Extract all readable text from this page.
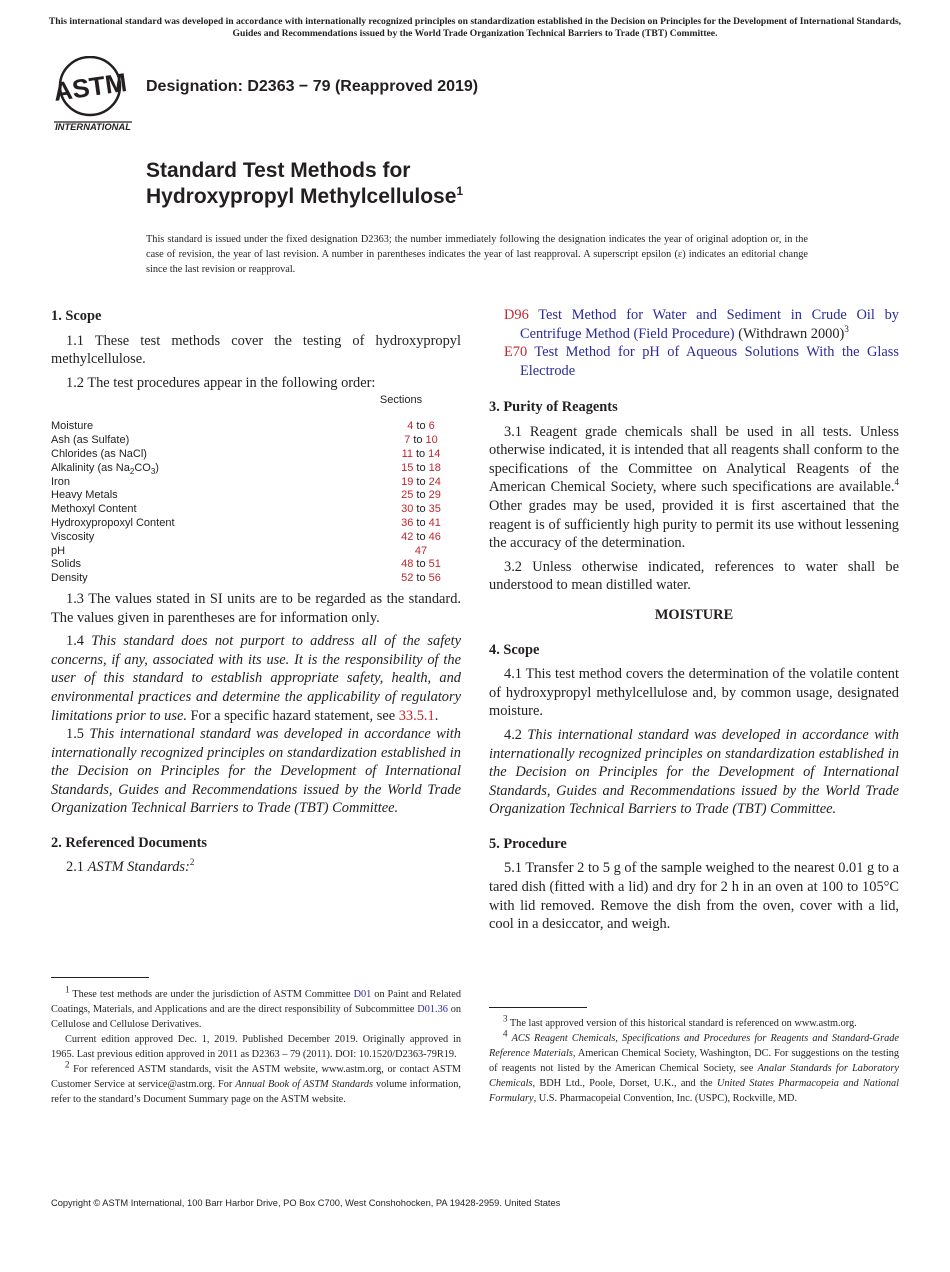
This international standard was developed in accordance with internationally recognized principles on standardization established in the Decision on Principles for the Development of International Standards, Guides and Recommendations issued by the World Trade Organization Technical Barriers to Trade (TBT) Committee.
ASTM
INTERNATIONAL
Designation: D2363 − 79 (Reapproved 2019)
Standard Test Methods for
Hydroxypropyl Methylcellulose$^1$
This standard is issued under the fixed designation D2363; the number immediately following the designation indicates the year of original adoption or, in the case of revision, the year of last revision. A number in parentheses indicates the year of last reapproval. A superscript epsilon (ε) indicates an editorial change since the last revision or reapproval.
1. Scope

1.1 These test methods cover the testing of hydroxypropyl methylcellulose.

1.2 The test procedures appear in the following order:

Sections
Moisture	4 to 6
Ash (as Sulfate)	7 to 10
Chlorides (as NaCl)	11 to 14
Alkalinity (as $Na_2CO_3$)	15 to 18
Iron	19 to 24
Heavy Metals	25 to 29
Methoxyl Content	30 to 35
Hydroxypropoxyl Content	36 to 41
Viscosity	42 to 46
pH	47
Solids	48 to 51
Density	52 to 56

1.3 The values stated in SI units are to be regarded as the standard. The values given in parentheses are for information only.

1.4 This standard does not purport to address all of the safety concerns, if any, associated with its use. It is the responsibility of the user of this standard to establish appropriate safety, health, and environmental practices and determine the applicability of regulatory limitations prior to use. For a specific hazard statement, see 33.5.1.

1.5 This international standard was developed in accordance with internationally recognized principles on standardization established in the Decision on Principles for the Development of International Standards, Guides and Recommendations issued by the World Trade Organization Technical Barriers to Trade (TBT) Committee.

2. Referenced Documents

2.1 ASTM Standards:$^2$

$^1$ These test methods are under the jurisdiction of ASTM Committee D01 on Paint and Related Coatings, Materials, and Applications and are the direct responsibility of Subcommittee D01.36 on Cellulose and Cellulose Derivatives.

Current edition approved Dec. 1, 2019. Published December 2019. Originally approved in 1965. Last previous edition approved in 2011 as D2363 – 79 (2011). DOI: 10.1520/D2363-79R19.

$^2$ For referenced ASTM standards, visit the ASTM website, www.astm.org, or contact ASTM Customer Service at service@astm.org. For Annual Book of ASTM Standards volume information, refer to the standard’s Document Summary page on the ASTM website.

D96 Test Method for Water and Sediment in Crude Oil by Centrifuge Method (Field Procedure) (Withdrawn 2000)$^3$
E70 Test Method for pH of Aqueous Solutions With the Glass Electrode
3. Purity of Reagents

3.1 Reagent grade chemicals shall be used in all tests. Unless otherwise indicated, it is intended that all reagents shall conform to the specifications of the Committee on Analytical Reagents of the American Chemical Society, where such specifications are available.$^4$ Other grades may be used, provided it is first ascertained that the reagent is of sufficiently high purity to permit its use without lessening the accuracy of the determination.

3.2 Unless otherwise indicated, references to water shall be understood to mean distilled water.

MOISTURE
4. Scope

4.1 This test method covers the determination of the volatile content of hydroxypropyl methylcellulose and, by common usage, designated moisture.

4.2 This international standard was developed in accordance with internationally recognized principles on standardization established in the Decision on Principles for the Development of International Standards, Guides and Recommendations issued by the World Trade Organization Technical Barriers to Trade (TBT) Committee.

5. Procedure

5.1 Transfer 2 to 5 g of the sample weighed to the nearest 0.01 g to a tared dish (fitted with a lid) and dry for 2 h in an oven at 100 to 105°C with lid removed. Remove the dish from the oven, cover with a lid, cool in a desiccator, and weigh.

$^3$ The last approved version of this historical standard is referenced on www.astm.org.

$^4$ ACS Reagent Chemicals, Specifications and Procedures for Reagents and Standard-Grade Reference Materials, American Chemical Society, Washington, DC. For suggestions on the testing of reagents not listed by the American Chemical Society, see Analar Standards for Laboratory Chemicals, BDH Ltd., Poole, Dorset, U.K., and the United States Pharmacopeia and National Formulary, U.S. Pharmacopeial Convention, Inc. (USPC), Rockville, MD.

Copyright © ASTM International, 100 Barr Harbor Drive, PO Box C700, West Conshohocken, PA 19428-2959. United States
